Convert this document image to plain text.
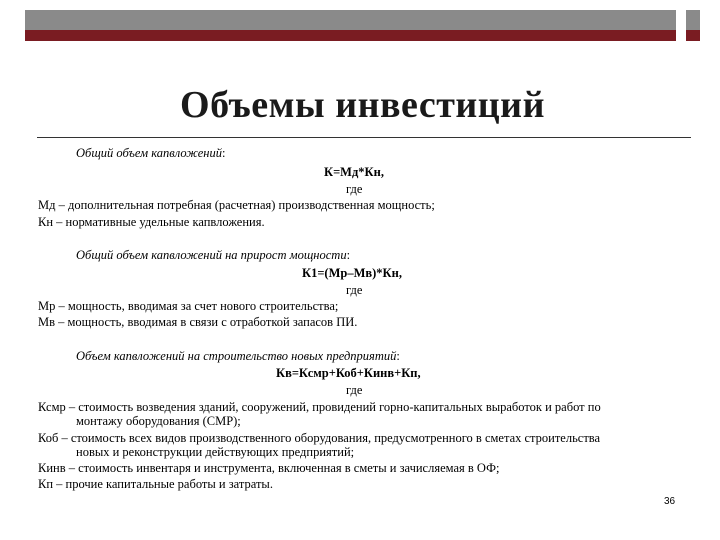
Объемы инвестиций
Общий объем капвложений:
К=Мд*Кн,
где
Мд – дополнительная потребная (расчетная) производственная мощность;
Кн – нормативные удельные капвложения.
Общий объем капвложений на прирост мощности:
К1=(Мр–Мв)*Кн,
где
Мр – мощность, вводимая за счет нового строительства;
Мв – мощность, вводимая в связи с отработкой запасов ПИ.
Объем капвложений на строительство новых предприятий:
Кв=Ксмр+Коб+Кинв+Кп,
где
Ксмр – стоимость возведения зданий, сооружений, провидений горно-капитальных выработок и работ по
монтажу оборудования (СМР);
Коб – стоимость всех видов производственного оборудования, предусмотренного в сметах строительства
новых и реконструкции действующих предприятий;
Кинв – стоимость инвентаря и инструмента, включенная в сметы и зачисляемая в ОФ;
Кп – прочие капитальные работы и затраты.
36
